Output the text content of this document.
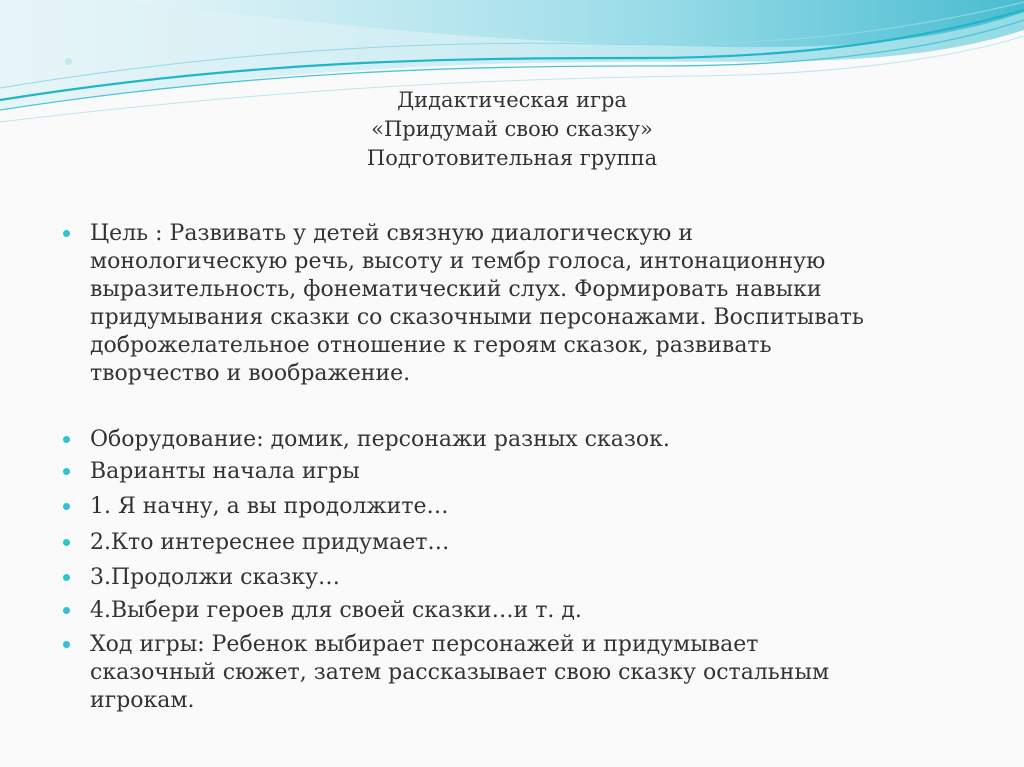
Дидактическая игра
«Придумай свою сказку»
Подготовительная группа
Цель : Развивать у детей связную диалогическую и
монологическую речь, высоту и тембр голоса, интонационную
выразительность, фонематический слух. Формировать навыки
придумывания сказки со сказочными персонажами. Воспитывать
доброжелательное отношение к героям сказок, развивать
творчество и воображение.
Оборудование: домик, персонажи разных сказок.
Варианты начала игры
1. Я начну, а вы продолжите…
2.Кто интереснее придумает…
3.Продолжи сказку…
4.Выбери героев для своей сказки…и т. д.
Ход игры: Ребенок выбирает персонажей и придумывает
сказочный сюжет, затем рассказывает свою сказку остальным
игрокам.
